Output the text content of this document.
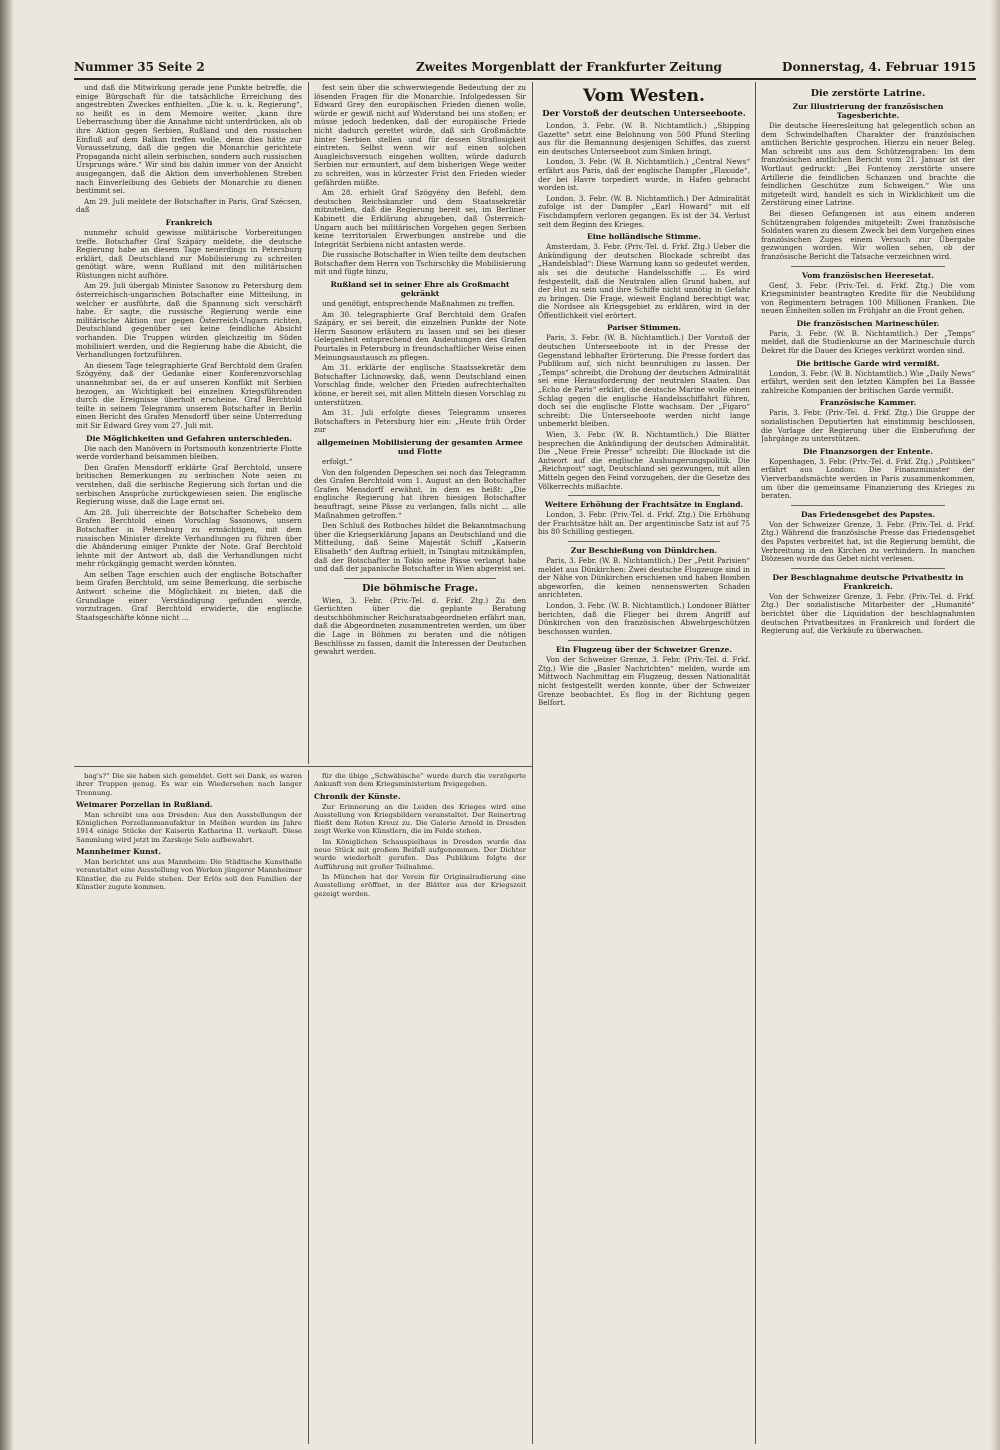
Nummer 35 Seite 2	Zweites Morgenblatt der Frankfurter Zeitung	Donnerstag, 4. Februar 1915

und daß die Mitwirkung gerade jene Punkte betreffe, die einige Bürgschaft für die tatsächliche Erreichung des angestrebten Zweckes enthielten. „Die k. u. k. Regierung“, so heißt es in dem Memoire weiter, „kann ihre Ueberraschung über die Annahme nicht unterdrücken, als ob ihre Aktion gegen Serbien, Rußland und den russischen Einfluß auf dem Balkan treffen wolle, denn dies hätte zur Voraussetzung, daß die gegen die Monarchie gerichtete Propaganda nicht allein serbischen, sondern auch russischen Ursprungs wäre.“ Wir sind bis dahin immer von der Ansicht ausgegangen, daß die Aktion dem unverhohlenen Streben nach Einverleibung des Gebiets der Monarchie zu dienen bestimmt sei.

Am 29. Juli meldete der Botschafter in Paris, Graf Szécsen, daß

Frankreich

nunmehr schuld gewisse militärische Vorbereitungen treffe. Botschafter Graf Szápáry meldete, die deutsche Regierung habe an diesem Tage neuerdings in Petersburg erklärt, daß Deutschland zur Mobilisierung zu schreiten genötigt wäre, wenn Rußland mit den militärischen Rüstungen nicht aufhöre.

Am 29. Juli übergab Minister Sasonow zu Petersburg dem österreichisch-ungarischen Botschafter eine Mitteilung, in welcher er ausführte, daß die Spannung sich verschärft habe. Er sagte, die russische Regierung werde eine militärische Aktion nur gegen Österreich-Ungarn richten, Deutschland gegenüber sei keine feindliche Absicht vorhanden. Die Truppen würden gleichzeitig im Süden mobilisiert werden, und die Regierung habe die Absicht, die Verhandlungen fortzuführen.

An diesem Tage telegraphierte Graf Berchtold dem Grafen Szögyény, daß der Gedanke einer Konferenzvorschlag unannehmbar sei, da er auf unseren Konflikt mit Serbien bezogen, an Wichtigkeit bei einzelnen Kriegsführenden durch die Ereignisse überholt erscheine. Graf Berchtold teilte in seinem Telegramm unserem Botschafter in Berlin einen Bericht des Grafen Mensdorff über seine Unterredung mit Sir Edward Grey vom 27. Juli mit.

Die Möglichkeiten und Gefahren unterschieden.

Die nach den Manövern in Portsmouth konzentrierte Flotte werde vorderhand beisammen bleiben.

Den Grafen Mensdorff erklärte Graf Berchtold, unsere britischen Bemerkungen zu serbischen Note seien zu verstehen, daß die serbische Regierung sich fortan und die serbischen Ansprüche zurückgewiesen seien. Die englische Regierung wisse, daß die Lage ernst sei.

Am 28. Juli überreichte der Botschafter Schebeko dem Grafen Berchtold einen Vorschlag Sasonows, unsern Botschafter in Petersburg zu ermächtigen, mit dem russischen Minister direkte Verhandlungen zu führen über die Abänderung einiger Punkte der Note. Graf Berchtold lehnte mit der Antwort ab, daß die Verhandlungen nicht mehr rückgängig gemacht werden könnten.

Am selben Tage erschien auch der englische Botschafter beim Grafen Berchtold, um seine Bemerkung, die serbische Antwort scheine die Möglichkeit zu bieten, daß die Grundlage einer Verständigung gefunden werde, vorzutragen. Graf Berchtold erwiderte, die englische Staatsgeschäfte könne nicht ...

fest sein über die schwerwiegende Bedeutung der zu lösenden Fragen für die Monarchie. Infolgedessen Sir Edward Grey den europäischen Frieden dienen wolle, würde er gewiß nicht auf Widerstand bei uns stoßen; er müsse jedoch bedenken, daß der europäische Friede nicht dadurch gerettet würde, daß sich Großmächte hinter Serbien stellen und für dessen Straflosigkeit eintreten. Selbst wenn wir auf einen solchen Ausgleichsversuch eingehen wollten, würde dadurch Serbien nur ermuntert, auf dem bisherigen Wege weiter zu schreiten, was in kürzester Frist den Frieden wieder gefährden müßte.

Am 28. erhielt Graf Szögyény den Befehl, dem deutschen Reichskanzler und dem Staatssekretär mitzuteilen, daß die Regierung bereit sei, im Berliner Kabinett die Erklärung abzugeben, daß Österreich-Ungarn auch bei militärischen Vorgehen gegen Serbien keine territorialen Erwerbungen anstrebe und die Integrität Serbiens nicht antasten werde.

Die russische Botschafter in Wien teilte dem deutschen Botschafter dem Herrn von Tschirschky die Mobilisierung mit und fügte hinzu,

Rußland sei in seiner Ehre als Großmacht gekränkt

und genötigt, entsprechende Maßnahmen zu treffen.

Am 30. telegraphierte Graf Berchtold dem Grafen Szápáry, er sei bereit, die einzelnen Punkte der Note Herrn Sasonow erläutern zu lassen und sei bei dieser Gelegenheit entsprechend den Andeutungen des Grafen Pourtalès in Petersburg in freundschaftlicher Weise einen Meinungsaustausch zu pflegen.

Am 31. erklärte der englische Staatssekretär dem Botschafter Lichnowsky, daß, wenn Deutschland einen Vorschlag finde, welcher den Frieden aufrechterhalten könne, er bereit sei, mit allen Mitteln diesen Vorschlag zu unterstützen.

Am 31. Juli erfolgte dieses Telegramm unseres Botschafters in Petersburg hier ein: „Heute früh Order zur

allgemeinen Mobilisierung der gesamten Armee und Flotte

erfolgt.“

Von den folgenden Depeschen sei noch das Telegramm des Grafen Berchtold vom 1. August an den Botschafter Grafen Mensdorff erwähnt, in dem es heißt: „Die englische Regierung hat ihren hiesigen Botschafter beauftragt, seine Pässe zu verlangen, falls nicht ... alle Maßnahmen getroffen.“

Den Schluß des Rotbuches bildet die Bekanntmachung über die Kriegserklärung Japans an Deutschland und die Mitteilung, daß Seine Majestät Schiff „Kaiserin Elisabeth“ den Auftrag erhielt, in Tsingtau mitzukämpfen, daß der Botschafter in Tokio seine Pässe verlangt habe und daß der japanische Botschafter in Wien abgereist sei.

Die böhmische Frage.

Wien, 3. Febr. (Priv.-Tel. d. Frkf. Ztg.) Zu den Gerüchten über die geplante Beratung deutschböhmischer Reichsratsabgeordneten erfährt man, daß die Abgeordneten zusammentreten werden, um über die Lage in Böhmen zu beraten und die nötigen Beschlüsse zu fassen, damit die Interessen der Deutschen gewahrt werden.

Vom Westen.
Der Vorstoß der deutschen Unterseeboote.

London, 3. Febr. (W. B. Nichtamtlich.) „Shipping Gazette“ setzt eine Belohnung von 500 Pfund Sterling aus für die Bemannung desjenigen Schiffes, das zuerst ein deutsches Unterseeboot zum Sinken bringt.

London, 3. Febr. (W. B. Nichtamtlich.) „Central News“ erfährt aus Paris, daß der englische Dampfer „Flaxside“, der bei Havre torpediert wurde, in Hafen gebracht worden ist.

London, 3. Febr. (W. B. Nichtamtlich.) Der Admiralität zufolge ist der Dampfer „Earl Howard“ mit elf Fischdampfern verloren gegangen. Es ist der 34. Verlust seit dem Beginn des Krieges.

Eine holländische Stimme.

Amsterdam, 3. Febr. (Priv.-Tel. d. Frkf. Ztg.) Ueber die Ankündigung der deutschen Blockade schreibt das „Handelsblad“: Diese Warnung kann so gedeutet werden, als sei die deutsche Handelsschiffe ... Es wird festgestellt, daß die Neutralen allen Grund haben, auf der Hut zu sein und ihre Schiffe nicht unnötig in Gefahr zu bringen. Die Frage, wieweit England berechtigt war, die Nordsee als Kriegsgebiet zu erklären, wird in der Öffentlichkeit viel erörtert.

Pariser Stimmen.

Paris, 3. Febr. (W. B. Nichtamtlich.) Der Vorstoß der deutschen Unterseeboote ist in der Presse der Gegenstand lebhafter Erörterung. Die Presse fordert das Publikum auf, sich nicht beunruhigen zu lassen. Der „Temps“ schreibt, die Drohung der deutschen Admiralität sei eine Herausforderung der neutralen Staaten. Das „Echo de Paris“ erklärt, die deutsche Marine wolle einen Schlag gegen die englische Handelsschiffahrt führen, doch sei die englische Flotte wachsam. Der „Figaro“ schreibt: Die Unterseeboote werden nicht lange unbemerkt bleiben.

Wien, 3. Febr. (W. B. Nichtamtlich.) Die Blätter besprechen die Ankündigung der deutschen Admiralität. Die „Neue Freie Presse“ schreibt: Die Blockade ist die Antwort auf die englische Aushungerungspolitik. Die „Reichspost“ sagt, Deutschland sei gezwungen, mit allen Mitteln gegen den Feind vorzugehen, der die Gesetze des Völkerrechts mißachte.

Weitere Erhöhung der Frachtsätze in England.

London, 3. Febr. (Priv.-Tel. d. Frkf. Ztg.) Die Erhöhung der Frachtsätze hält an. Der argentinische Satz ist auf 75 bis 80 Schilling gestiegen.

Zur Beschießung von Dünkirchen.

Paris, 3. Febr. (W. B. Nichtamtlich.) Der „Petit Parisien“ meldet aus Dünkirchen: Zwei deutsche Flugzeuge sind in der Nähe von Dünkirchen erschienen und haben Bomben abgeworfen, die keinen nennenswerten Schaden anrichteten.

London, 3. Febr. (W. B. Nichtamtlich.) Londoner Blätter berichten, daß die Flieger bei ihrem Angriff auf Dünkirchen von den französischen Abwehrgeschützen beschossen wurden.

Ein Flugzeug über der Schweizer Grenze.

Von der Schweizer Grenze, 3. Febr. (Priv.-Tel. d. Frkf. Ztg.) Wie die „Basler Nachrichten“ melden, wurde am Mittwoch Nachmittag ein Flugzeug, dessen Nationalität nicht festgestellt werden konnte, über der Schweizer Grenze beobachtet. Es flog in der Richtung gegen Belfort.

Die zerstörte Latrine.
Zur Illustrierung der französischen Tagesberichte.

Die deutsche Heeresleitung hat gelegentlich schon an dem Schwindelhaften Charakter der französischen amtlichen Berichte gesprochen. Hierzu ein neuer Beleg. Man schreibt uns aus dem Schützengraben: Im dem französischen amtlichen Bericht vom 21. Januar ist der Wortlaut gedruckt: „Bei Fontenoy zerstörte unsere Artillerie die feindlichen Schanzen und brachte die feindlichen Geschütze zum Schweigen.“ Wie uns mitgeteilt wird, handelt es sich in Wirklichkeit um die Zerstörung einer Latrine.

Bei diesen Gefangenen ist aus einem anderen Schützengraben folgendes mitgeteilt: Zwei französische Soldaten waren zu diesem Zweck bei dem Vorgehen eines französischen Zuges einem Versuch zur Übergabe gezwungen worden. Wir wollen sehen, ob der französische Bericht die Tatsache verzeichnen wird.

Vom französischen Heeresetat.

Genf, 3. Febr. (Priv.-Tel. d. Frkf. Ztg.) Die vom Kriegsminister beantragten Kredite für die Neubildung von Regimentern betragen 100 Millionen Franken. Die neuen Einheiten sollen im Frühjahr an die Front gehen.

Die französischen Marineschüler.

Paris, 3. Febr. (W. B. Nichtamtlich.) Der „Temps“ meldet, daß die Studienkurse an der Marineschule durch Dekret für die Dauer des Krieges verkürzt worden sind.

Die britische Garde wird vermißt.

London, 3. Febr. (W. B. Nichtamtlich.) Wie „Daily News“ erfährt, werden seit den letzten Kämpfen bei La Bassée zahlreiche Kompanien der britischen Garde vermißt.

Französische Kammer.

Paris, 3. Febr. (Priv.-Tel. d. Frkf. Ztg.) Die Gruppe der sozialistischen Deputierten hat einstimmig beschlossen, die Vorlage der Regierung über die Einberufung der Jahrgänge zu unterstützen.

Die Finanzsorgen der Entente.

Kopenhagen, 3. Febr. (Priv.-Tel. d. Frkf. Ztg.) „Politiken“ erfährt aus London: Die Finanzminister der Vierverbandsmächte werden in Paris zusammenkommen, um über die gemeinsame Finanzierung des Krieges zu beraten.

Das Friedensgebet des Papstes.

Von der Schweizer Grenze, 3. Febr. (Priv.-Tel. d. Frkf. Ztg.) Während die französische Presse das Friedensgebet des Papstes verbreitet hat, ist die Regierung bemüht, die Verbreitung in den Kirchen zu verhindern. In manchen Diözesen wurde das Gebet nicht verlesen.

Der Beschlagnahme deutsche Privatbesitz in Frankreich.

Von der Schweizer Grenze, 3. Febr. (Priv.-Tel. d. Frkf. Ztg.) Der sozialistische Mitarbeiter der „Humanité“ berichtet über die Liquidation der beschlagnahmten deutschen Privatbesitzes in Frankreich und fordert die Regierung auf, die Verkäufe zu überwachen.

bag's?“ Die sie haben sich gemeldet. Gott sei Dank, es waren ihrer Truppen genug. Es war ein Wiedersehen nach langer Trennung.

Weimarer Porzellan in Rußland.

Man schreibt uns aus Dresden: Aus den Ausstellungen der Königlichen Porzellanmanufaktur in Meißen wurden im Jahre 1914 einige Stücke der Kaiserin Katharina II. verkauft. Diese Sammlung wird jetzt im Zarskoje Selo aufbewahrt.

Mannheimer Kunst.

Man berichtet uns aus Mannheim: Die Städtische Kunsthalle veranstaltet eine Ausstellung von Werken jüngerer Mannheimer Künstler, die zu Felde stehen. Der Erlös soll den Familien der Künstler zugute kommen.

für die übige „Schwäbische“ wurde durch die verzögerte Ankunft von dem Kriegsministerium freigegeben.

Chronik der Künste.

Zur Erinnerung an die Leiden des Krieges wird eine Ausstellung von Kriegsbildern veranstaltet. Der Reinertrag fließt dem Roten Kreuz zu. Die Galerie Arnold in Dresden zeigt Werke von Künstlern, die im Felde stehen.

Im Königlichen Schauspielhaus in Dresden wurde das neue Stück mit großem Beifall aufgenommen. Der Dichter wurde wiederholt gerufen. Das Publikum folgte der Aufführung mit großer Teilnahme.

In München hat der Verein für Originalradierung eine Ausstellung eröffnet, in der Blätter aus der Kriegszeit gezeigt werden.
